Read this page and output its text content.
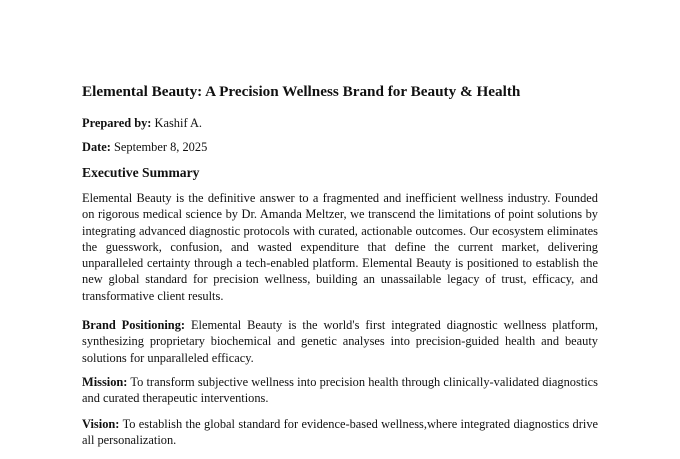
Elemental Beauty: A Precision Wellness Brand for Beauty & Health

Prepared by: Kashif A.

Date: September 8, 2025

Executive Summary

Elemental Beauty is the definitive answer to a fragmented and inefficient wellness industry. Founded on rigorous medical science by Dr. Amanda Meltzer, we transcend the limitations of point solutions by integrating advanced diagnostic protocols with curated, actionable outcomes. Our ecosystem eliminates the guesswork, confusion, and wasted expenditure that define the current market, delivering unparalleled certainty through a tech-enabled platform. Elemental Beauty is positioned to establish the new global standard for precision wellness, building an unassailable legacy of trust, efficacy, and transformative client results.

Brand Positioning: Elemental Beauty is the world's first integrated diagnostic wellness platform, synthesizing proprietary biochemical and genetic analyses into precision-guided health and beauty solutions for unparalleled efficacy.

Mission: To transform subjective wellness into precision health through clinically-validated diagnostics and curated therapeutic interventions.

Vision: To establish the global standard for evidence-based wellness,where integrated diagnostics drive all personalization.
